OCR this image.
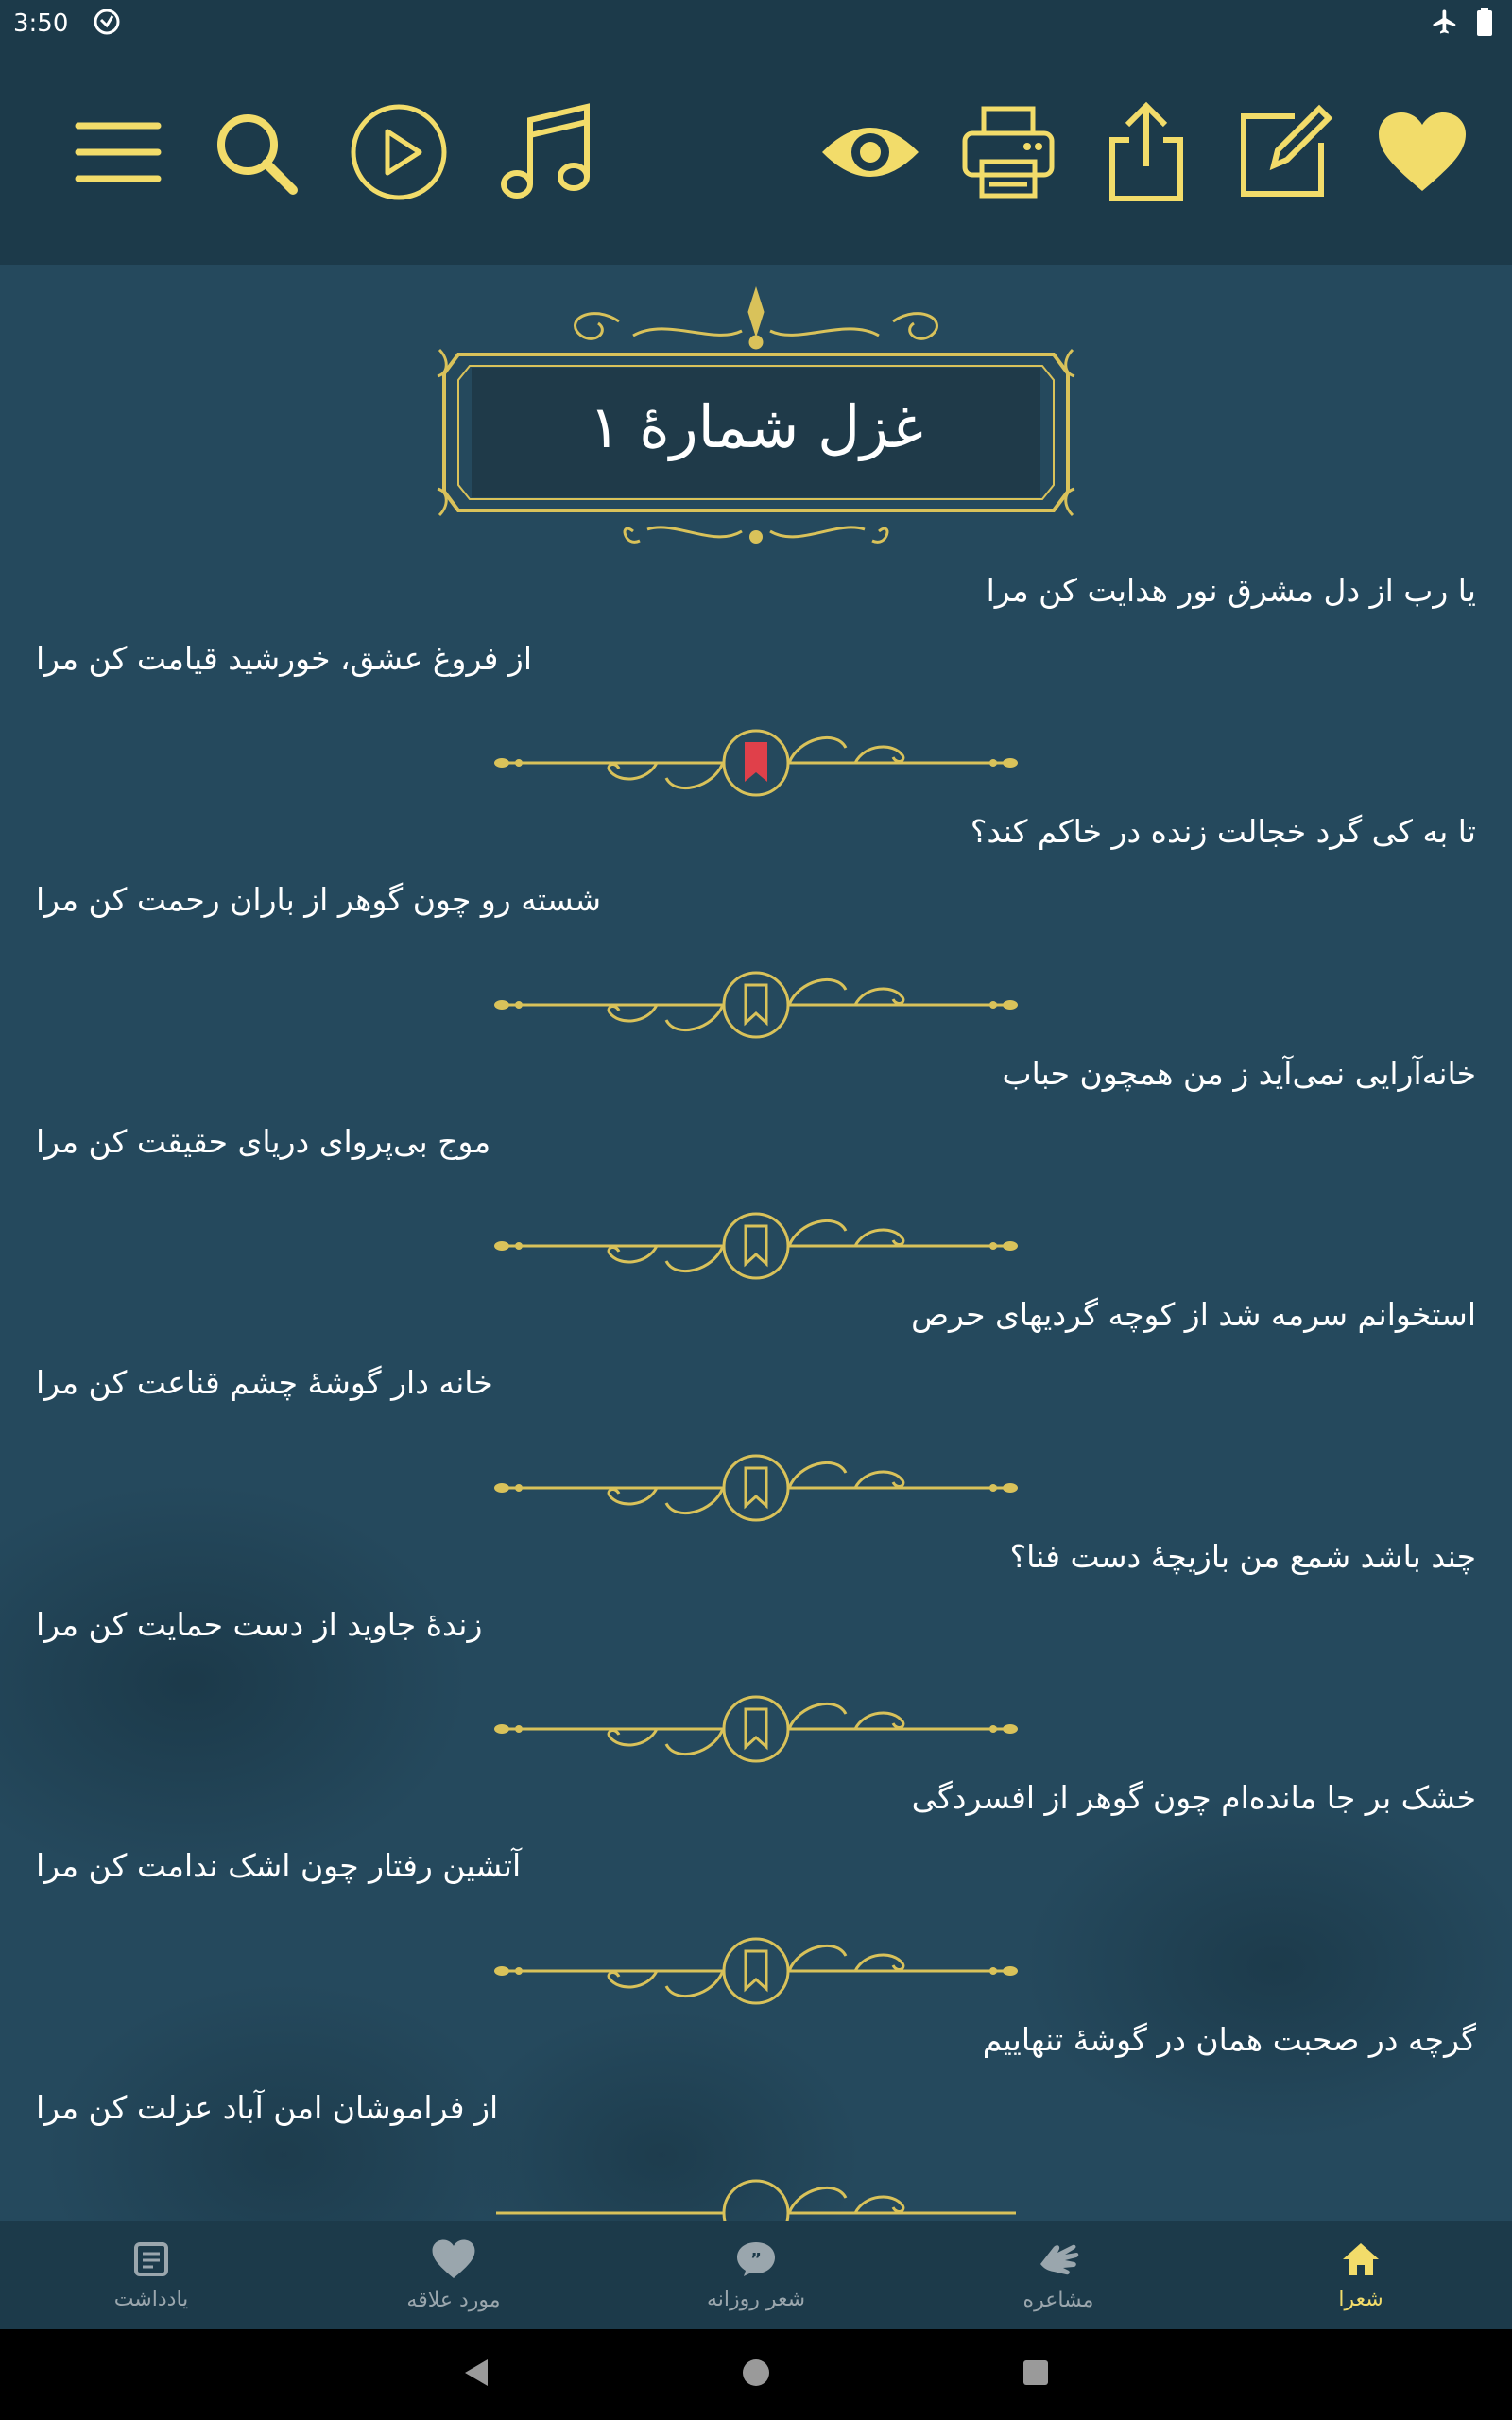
3:50
غزل شمارهٔ ۱
یا رب از دل مشرق نور هدایت کن مرا
از فروغ عشق، خورشید قیامت کن مرا
تا به کی گرد خجالت زنده در خاکم کند؟
شسته رو چون گوهر از باران رحمت کن مرا
خانه‌آرایی نمی‌آید ز من همچون حباب
موج بی‌پروای دریای حقیقت کن مرا
استخوانم سرمه شد از کوچه گردیهای حرص
خانه دار گوشهٔ چشم قناعت کن مرا
چند باشد شمع من بازیچهٔ دست فنا؟
زندهٔ جاوید از دست حمایت کن مرا
خشک بر جا مانده‌ام چون گوهر از افسردگی
آتشین رفتار چون اشک ندامت کن مرا
گرچه در صحبت همان در گوشهٔ تنهاییم
از فراموشان امن آباد عزلت کن مرا
یادداشت	مورد علاقه
”
شعر روزانه	مشاعره	شعرا
